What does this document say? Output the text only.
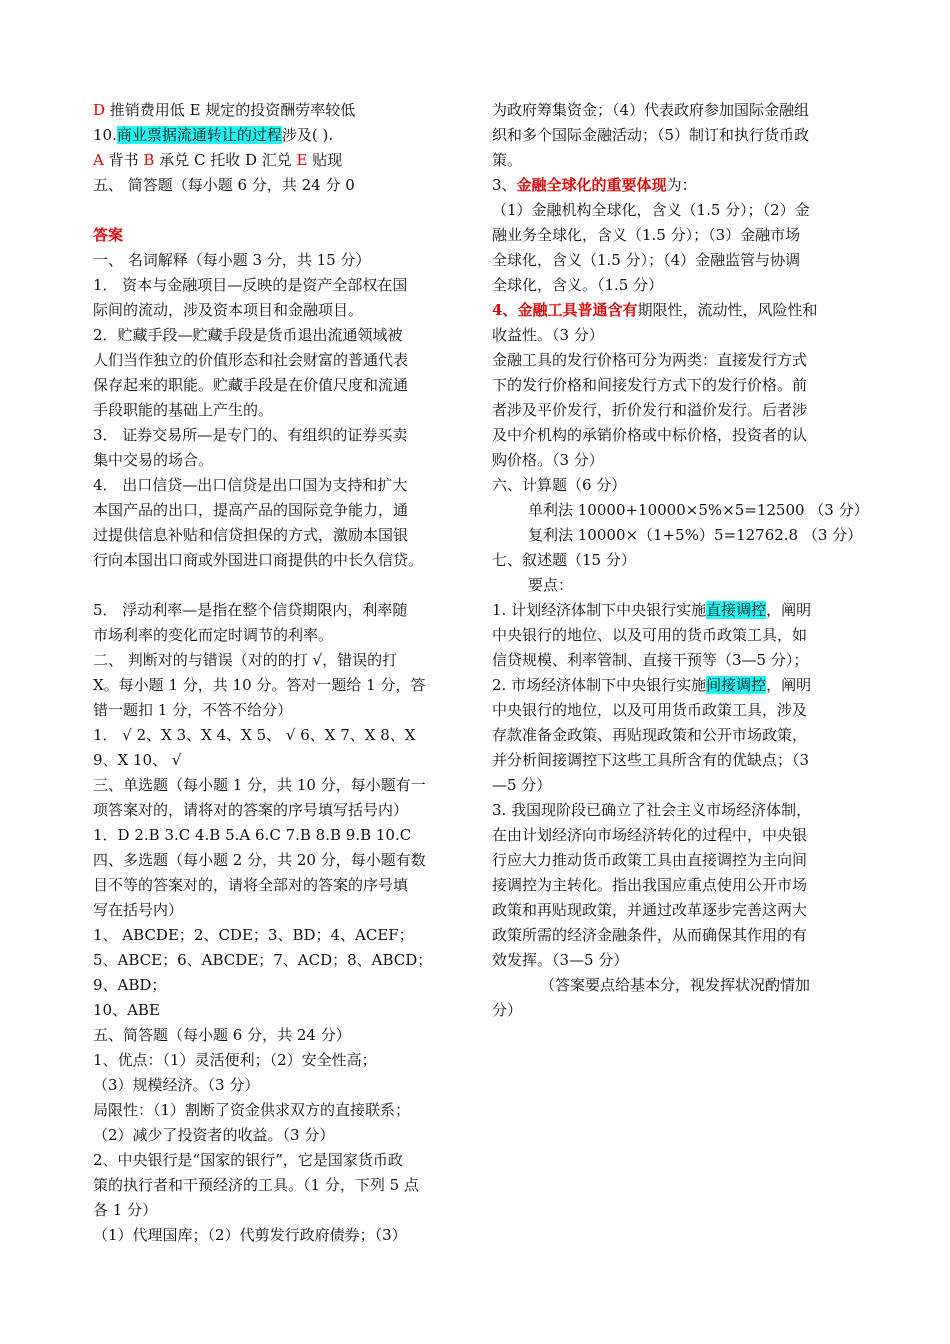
D 推销费用低 E 规定的投资酬劳率较低
10.商业票据流通转让的过程涉及( ).
A 背书 B 承兑 C 托收 D 汇兑 E 贴现
五、 简答题（每小题 6 分，共 24 分 0
答案
一、 名词解释（每小题 3 分，共 15 分）
1． 资本与金融项目—反映的是资产全部权在国
际间的流动，涉及资本项目和金融项目。
2．贮藏手段—贮藏手段是货币退出流通领域被
人们当作独立的价值形态和社会财富的普通代表
保存起来的职能。贮藏手段是在价值尺度和流通
手段职能的基础上产生的。
3． 证券交易所—是专门的、有组织的证券买卖
集中交易的场合。
4． 出口信贷—出口信贷是出口国为支持和扩大
本国产品的出口，提高产品的国际竞争能力，通
过提供信息补贴和信贷担保的方式，激励本国银
行向本国出口商或外国进口商提供的中长久信贷。
5． 浮动利率—是指在整个信贷期限内，利率随
市场利率的变化而定时调节的利率。
二、 判断对的与错误（对的的打 √，错误的打
X。每小题 1 分，共 10 分。答对一题给 1 分，答
错一题扣 1 分，不答不给分）
1． √ 2、X 3、X 4、X 5、 √ 6、X 7、X 8、X
9、X 10、 √
三、单选题（每小题 1 分，共 10 分，每小题有一
项答案对的，请将对的答案的序号填写括号内）
1．D 2.B 3.C 4.B 5.A 6.C 7.B 8.B 9.B 10.C
四、多选题（每小题 2 分，共 20 分，每小题有数
目不等的答案对的，请将全部对的答案的序号填
写在括号内）
1、 ABCDE；2、CDE；3、BD；4、ACEF；
5、ABCE；6、ABCDE；7、ACD；8、ABCD；
9、ABD；
10、ABE
五、简答题（每小题 6 分，共 24 分）
1、优点：（1）灵活便利；（2）安全性高；
（3）规模经济。（3 分）
局限性：（1）割断了资金供求双方的直接联系；
（2）减少了投资者的收益。（3 分）
2、中央银行是“国家的银行”，它是国家货币政
策的执行者和干预经济的工具。（1 分，下列 5 点
各 1 分）
（1）代理国库；（2）代剪发行政府债券；（3）
为政府筹集资金；（4）代表政府参加国际金融组
织和多个国际金融活动；（5）制订和执行货币政
策。
3、金融全球化的重要体现为：
（1）金融机构全球化，含义（1.5 分）；（2）金
融业务全球化，含义（1.5 分）；（3）金融市场
全球化，含义（1.5 分）；（4）金融监管与协调
全球化，含义。（1.5 分）
4、金融工具普通含有期限性，流动性，风险性和
收益性。（3 分）
金融工具的发行价格可分为两类：直接发行方式
下的发行价格和间接发行方式下的发行价格。前
者涉及平价发行，折价发行和溢价发行。后者涉
及中介机构的承销价格或中标价格，投资者的认
购价格。（3 分）
六、计算题（6 分）
单利法 10000+10000×5%×5=12500 （3 分）
复利法 10000×（1+5%）5=12762.8 （3 分）
七、叙述题（15 分）
要点：
1. 计划经济体制下中央银行实施直接调控，阐明
中央银行的地位、以及可用的货币政策工具，如
信贷规模、利率管制、直接干预等（3—5 分）；
2. 市场经济体制下中央银行实施间接调控，阐明
中央银行的地位，以及可用货币政策工具，涉及
存款准备金政策、再贴现政策和公开市场政策，
并分析间接调控下这些工具所含有的优缺点；（3
—5 分）
3. 我国现阶段已确立了社会主义市场经济体制，
在由计划经济向市场经济转化的过程中，中央银
行应大力推动货币政策工具由直接调控为主向间
接调控为主转化。指出我国应重点使用公开市场
政策和再贴现政策，并通过改革逐步完善这两大
政策所需的经济金融条件，从而确保其作用的有
效发挥。（3—5 分）
（答案要点给基本分，视发挥状况酌情加
分）
